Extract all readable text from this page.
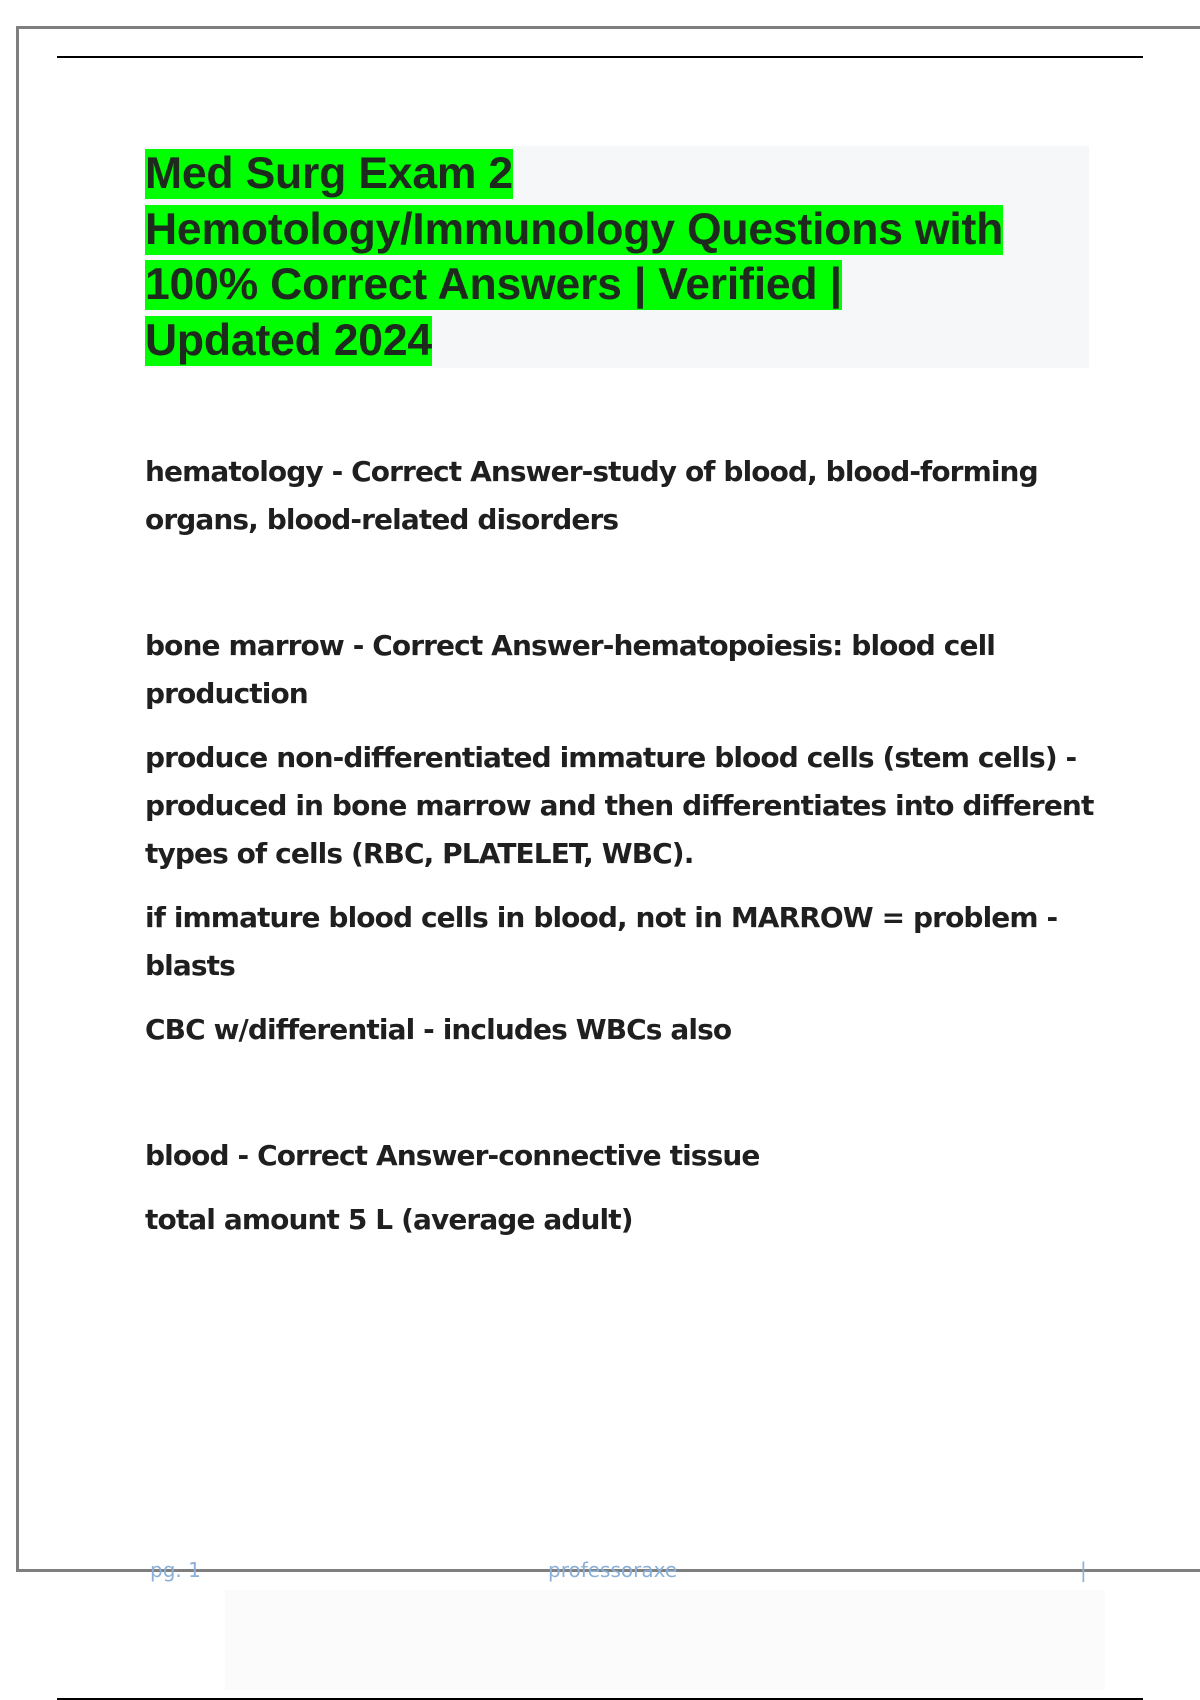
Med Surg Exam 2
Hemotology/Immunology Questions with
100% Correct Answers | Verified |
Updated 2024

hematology - Correct Answer-study of blood, blood-forming organs, blood-related disorders

bone marrow - Correct Answer-hematopoiesis: blood cell production

produce non-differentiated immature blood cells (stem cells) - produced in bone marrow and then differentiates into different types of cells (RBC, PLATELET, WBC).

if immature blood cells in blood, not in MARROW = problem - blasts

CBC w/differential - includes WBCs also

blood - Correct Answer-connective tissue

total amount 5 L (average adult)

pg. 1	professoraxe	|
